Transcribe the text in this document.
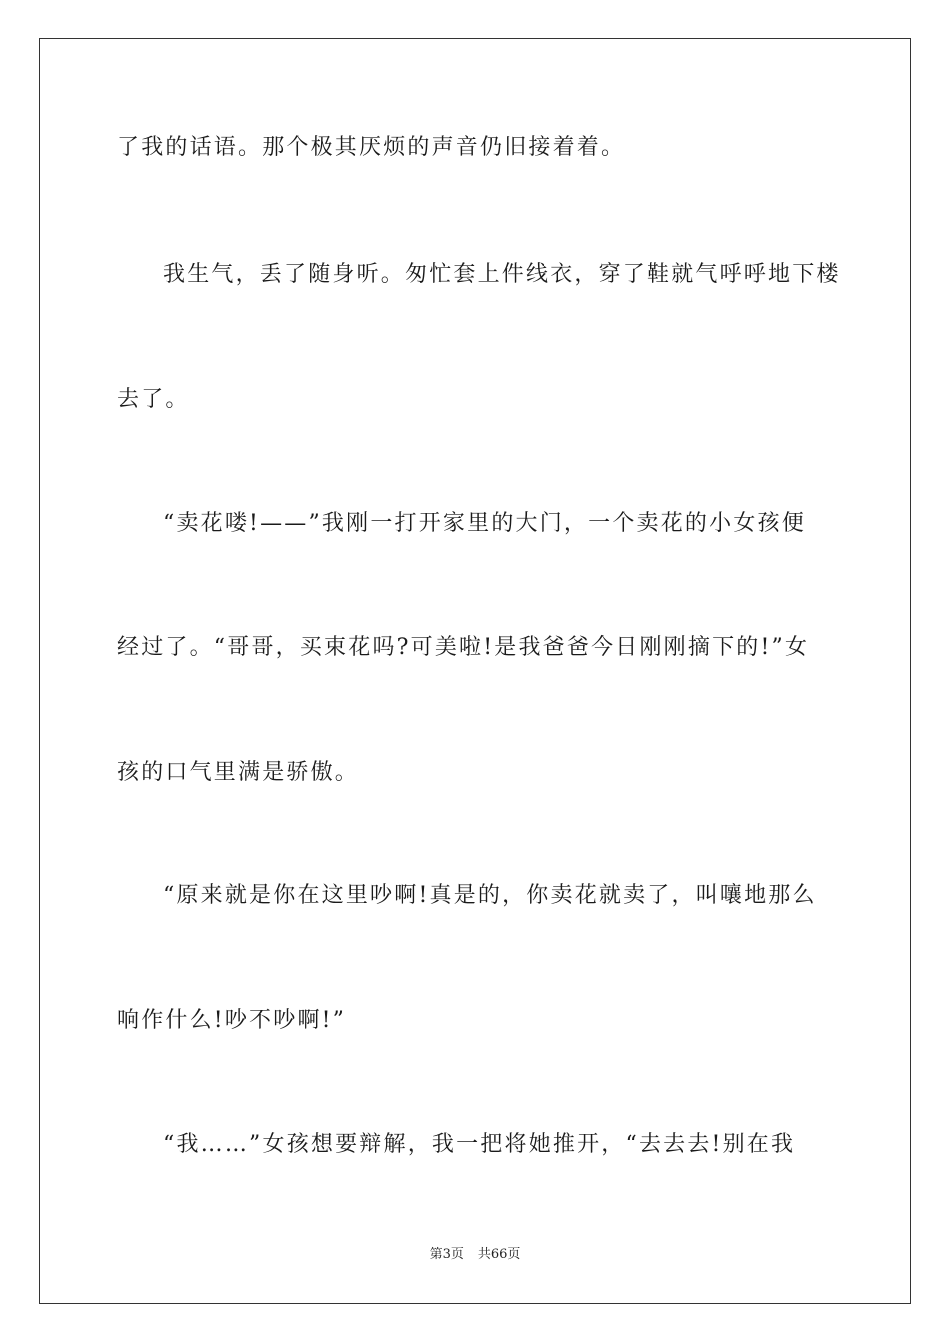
了我的话语。那个极其厌烦的声音仍旧接着着。
我生气，丢了随身听。匆忙套上件线衣，穿了鞋就气呼呼地下楼
去了。
“卖花喽!——”我刚一打开家里的大门，一个卖花的小女孩便
经过了。“哥哥，买束花吗?可美啦!是我爸爸今日刚刚摘下的!”女
孩的口气里满是骄傲。
“原来就是你在这里吵啊!真是的，你卖花就卖了，叫嚷地那么
响作什么!吵不吵啊!”
“我……”女孩想要辩解，我一把将她推开，“去去去!别在我
第3页 共66页
